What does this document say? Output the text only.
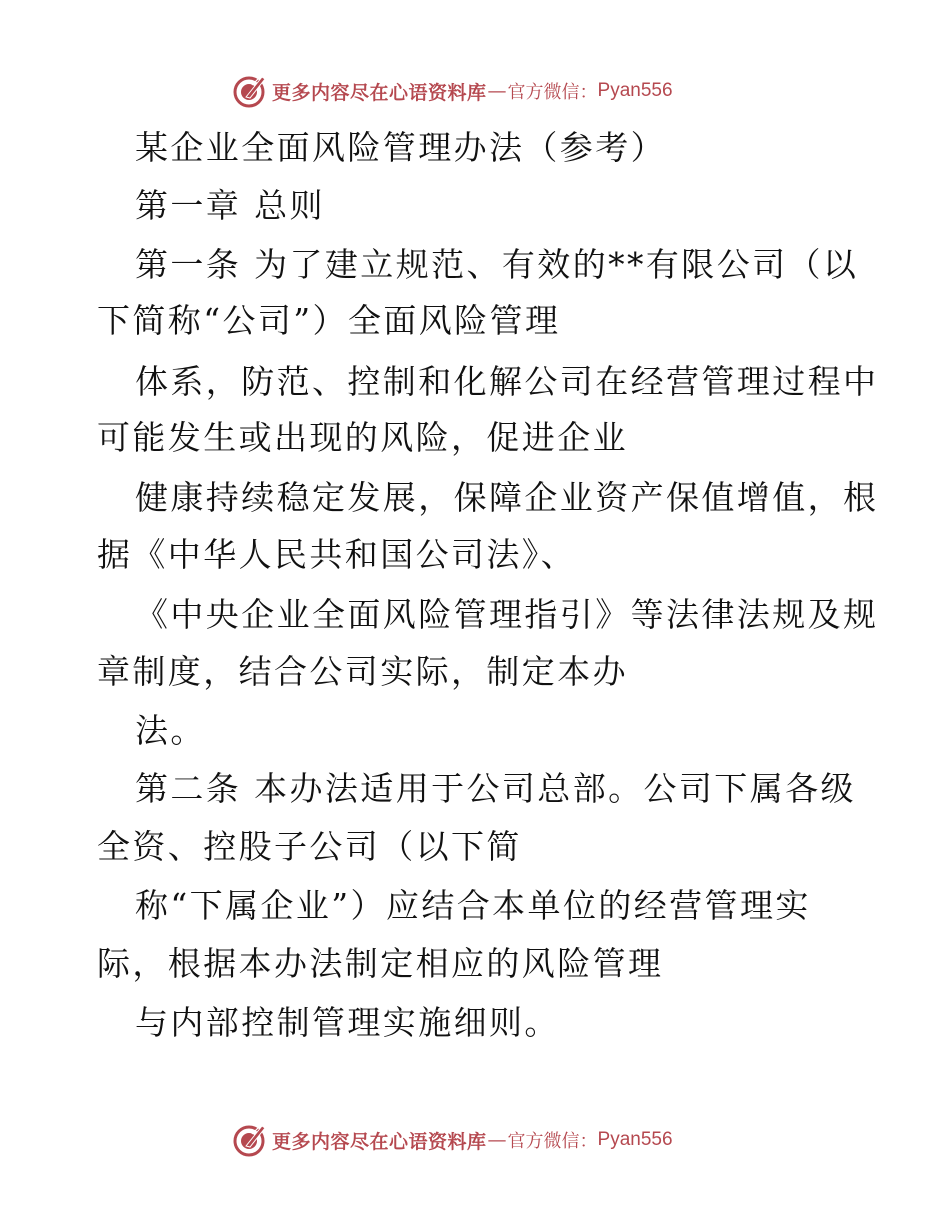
更多内容尽在心语资料库 — 官方微信： Pyan556
某企业全面风险管理办法（参考）
第一章 总则
第一条 为了建立规范、有效的**有限公司（以
下简称“公司”）全面风险管理
体系，防范、控制和化解公司在经营管理过程中
可能发生或出现的风险，促进企业
健康持续稳定发展，保障企业资产保值增值，根
据《中华人民共和国公司法》、
《中央企业全面风险管理指引》等法律法规及规
章制度，结合公司实际，制定本办
法。
第二条 本办法适用于公司总部。公司下属各级
全资、控股子公司（以下简
称“下属企业”）应结合本单位的经营管理实
际，根据本办法制定相应的风险管理
与内部控制管理实施细则。
更多内容尽在心语资料库 — 官方微信： Pyan556
